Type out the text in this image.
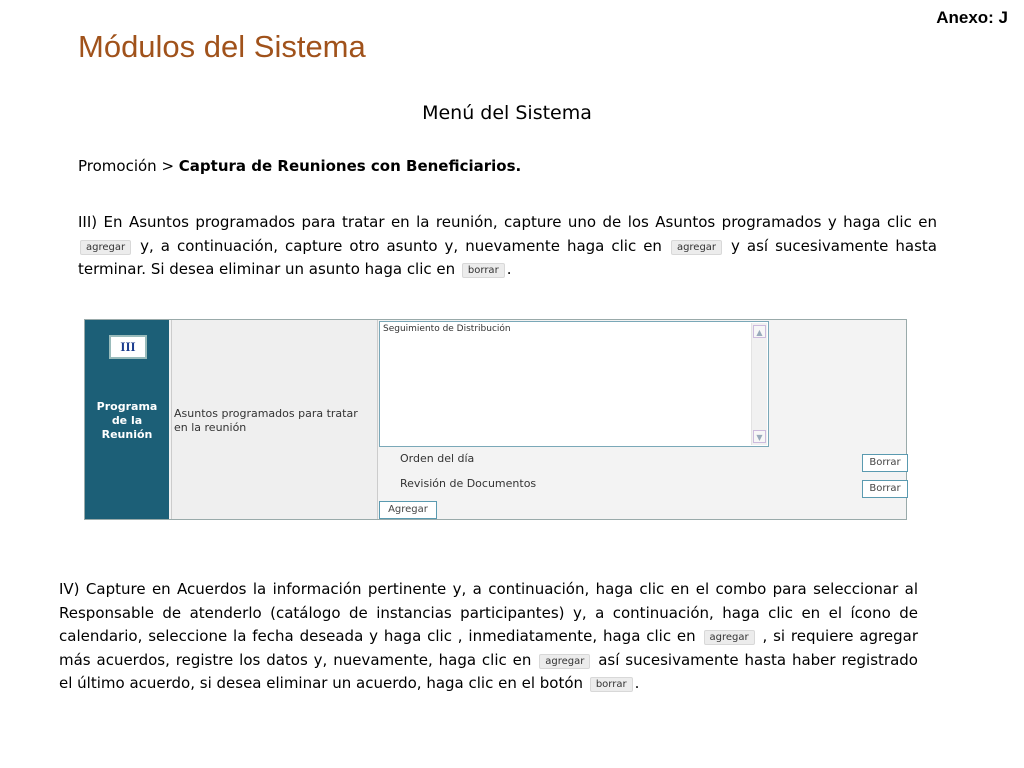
Anexo: J
Módulos del Sistema
Menú del Sistema
Promoción > Captura de Reuniones con Beneficiarios.

III) En Asuntos programados para tratar en la reunión, capture uno de los Asuntos programados y haga clic enagregar y, a continuación, capture otro asunto y, nuevamente haga clic en agregar y así sucesivamente hasta terminar. Si desea eliminar un asunto haga clic en borrar .

III
Programa
de la
Reunión
Asuntos programados para tratar en la reunión
Seguimiento de Distribución	▲
▼
Orden del día	Borrar
Revisión de Documentos	Borrar
Agregar

IV) Capture en Acuerdos la información pertinente y, a continuación, haga clic en el combo para seleccionar al Responsable de atenderlo (catálogo de instancias participantes) y, a continuación, haga clic en el ícono de calendario, seleccione la fecha deseada y haga clic , inmediatamente, haga clic en agregar , si requiere agregar más acuerdos, registre los datos y, nuevamente, haga clic en agregar así sucesivamente hasta haber registrado el último acuerdo, si desea eliminar un acuerdo, haga clic en el botón borrar .
